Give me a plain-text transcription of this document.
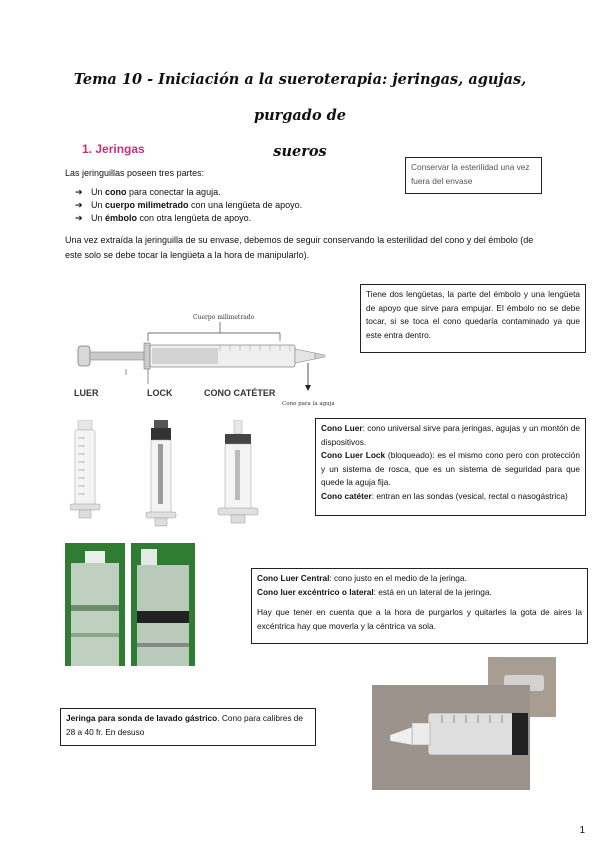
Tema 10 - Iniciación a la sueroterapia: jeringas, agujas, purgado de
sueros
1. Jeringas
Las jeringuillas poseen tres partes:
➔ Un cono para conectar la aguja.
➔ Un cuerpo milimetrado con una lengüeta de apoyo.
➔ Un émbolo con otra lengüeta de apoyo.
Conservar la esterilidad una vez fuera del envase
Una vez extraída la jeringuilla de su envase, debemos de seguir conservando la esterilidad del cono y del émbolo (de este solo se debe tocar la lengüeta a la hora de manipularlo).
Tiene dos lengüetas, la parte del émbolo y una lengüeta de apoyo que sirve para empujar. El émbolo no se debe tocar, si se toca el cono quedaría contaminado ya que este entra dentro.
Cuerpo milimetrado
LUER	LOCK	CONO CATÉTER
Cono para la aguja
Cono Luer: cono universal sirve para jeringas, agujas y un montón de dispositivos.
Cono Luer Lock (bloqueado): es el mismo cono pero con protección y un sistema de rosca, que es un sistema de seguridad para que quede la aguja fija.
Cono catéter: entran en las sondas (vesical, rectal o nasogástrica)
Cono Luer Central: cono justo en el medio de la jeringa.
Cono luer excéntrico o lateral: está en un lateral de la jeringa.
Hay que tener en cuenta que a la hora de purgarlos y quitarles la gota de aires la excéntrica hay que moverla y la céntrica va sola.
Jeringa para sonda de lavado gástrico. Cono para calibres de 28 a 40 fr. En desuso
1
